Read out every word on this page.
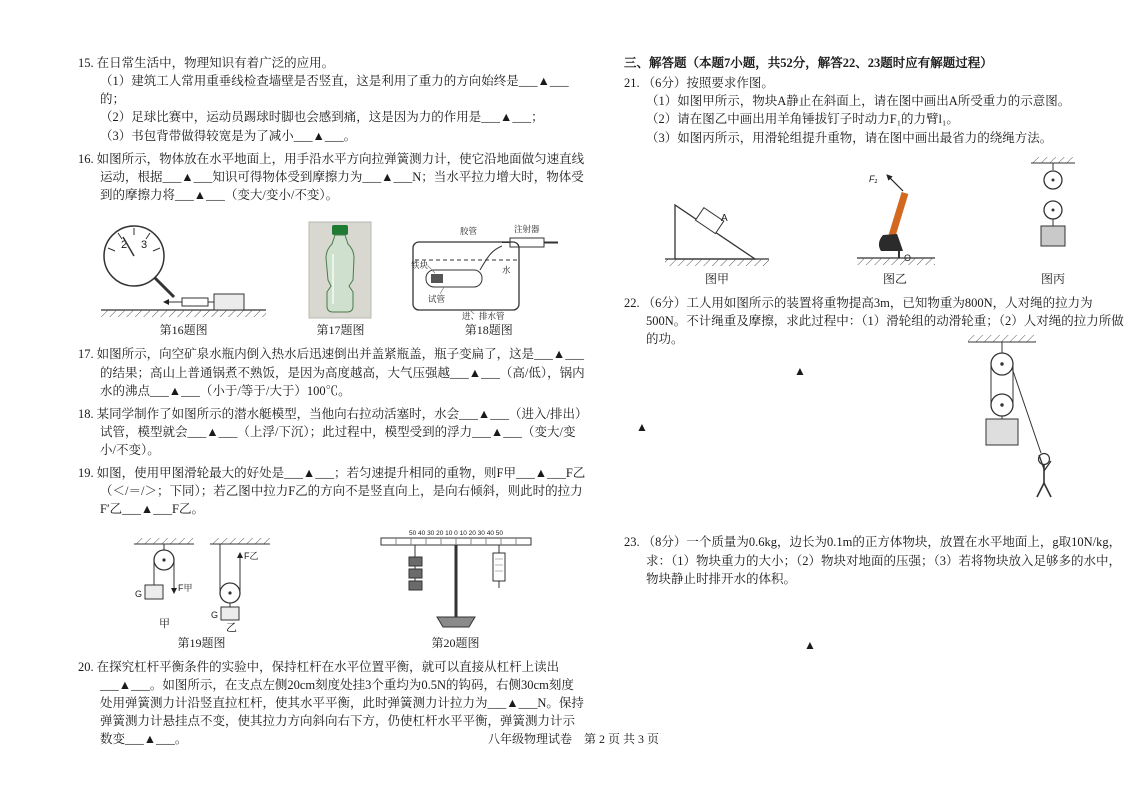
15. 在日常生活中，物理知识有着广泛的应用。
（1）建筑工人常用重垂线检查墙壁是否竖直，这是利用了重力的方向始终是___▲___的；
（2）足球比赛中，运动员踢球时脚也会感到痛，这是因为力的作用是___▲___；
（3）书包背带做得较宽是为了减小___▲___。
16. 如图所示，物体放在水平地面上，用手沿水平方向拉弹簧测力计，使它沿地面做匀速直线运动，根据___▲___知识可得物体受到摩擦力为___▲___N；当水平拉力增大时，物体受到的摩擦力将___▲___（变大/变小/不变）。
2 3
第16题图	第17题图
胶管	注射器
水
铁块
试管
进、排水管
第18题图
17. 如图所示，向空矿泉水瓶内倒入热水后迅速倒出并盖紧瓶盖，瓶子变扁了，这是___▲___的结果；高山上普通锅煮不熟饭，是因为高度越高，大气压强越___▲___（高/低），锅内水的沸点___▲___（小于/等于/大于）100℃。
18. 某同学制作了如图所示的潜水艇模型，当他向右拉动活塞时，水会___▲___（进入/排出）试管，模型就会___▲___（上浮/下沉）；此过程中，模型受到的浮力___▲___（变大/变小/不变）。
19. 如图，使用甲图滑轮最大的好处是___▲___；若匀速提升相同的重物，则F甲___▲___F乙（＜/＝/＞；下同）；若乙图中拉力F乙的方向不是竖直向上，是向右倾斜，则此时的拉力F′乙___▲___F乙。
G
F甲
甲
F乙
G
乙
第19题图
50 40 30 20 10 0 10 20 30 40 50
第20题图
20. 在探究杠杆平衡条件的实验中，保持杠杆在水平位置平衡，就可以直接从杠杆上读出___▲___。如图所示，在支点左侧20cm刻度处挂3个重均为0.5N的钩码，右侧30cm刻度处用弹簧测力计沿竖直拉杠杆，使其水平平衡，此时弹簧测力计拉力为___▲___N。保持弹簧测力计悬挂点不变，使其拉力方向斜向右下方，仍使杠杆水平平衡，弹簧测力计示数变___▲___。
三、解答题（本题7小题，共52分，解答22、23题时应有解题过程）
21. （6分）按照要求作图。
（1）如图甲所示，物块A静止在斜面上，请在图中画出A所受重力的示意图。
（2）请在图乙中画出用羊角锤拔钉子时动力F₁的力臂l₁。
（3）如图丙所示，用滑轮组提升重物，请在图中画出最省力的绕绳方法。
A
图甲
F₁
图乙	图丙
22. （6分）工人用如图所示的装置将重物提高3m，已知物重为800N，人对绳的拉力为500N。不计绳重及摩擦，求此过程中：（1）滑轮组的动滑轮重；（2）人对绳的拉力所做的功。
▲
▲
23. （8分）一个质量为0.6kg，边长为0.1m的正方体物块，放置在水平地面上，g取10N/kg，求：（1）物块重力的大小；（2）物块对地面的压强；（3）若将物块放入足够多的水中，物块静止时排开水的体积。
▲
八年级物理试卷　第 2 页 共 3 页
